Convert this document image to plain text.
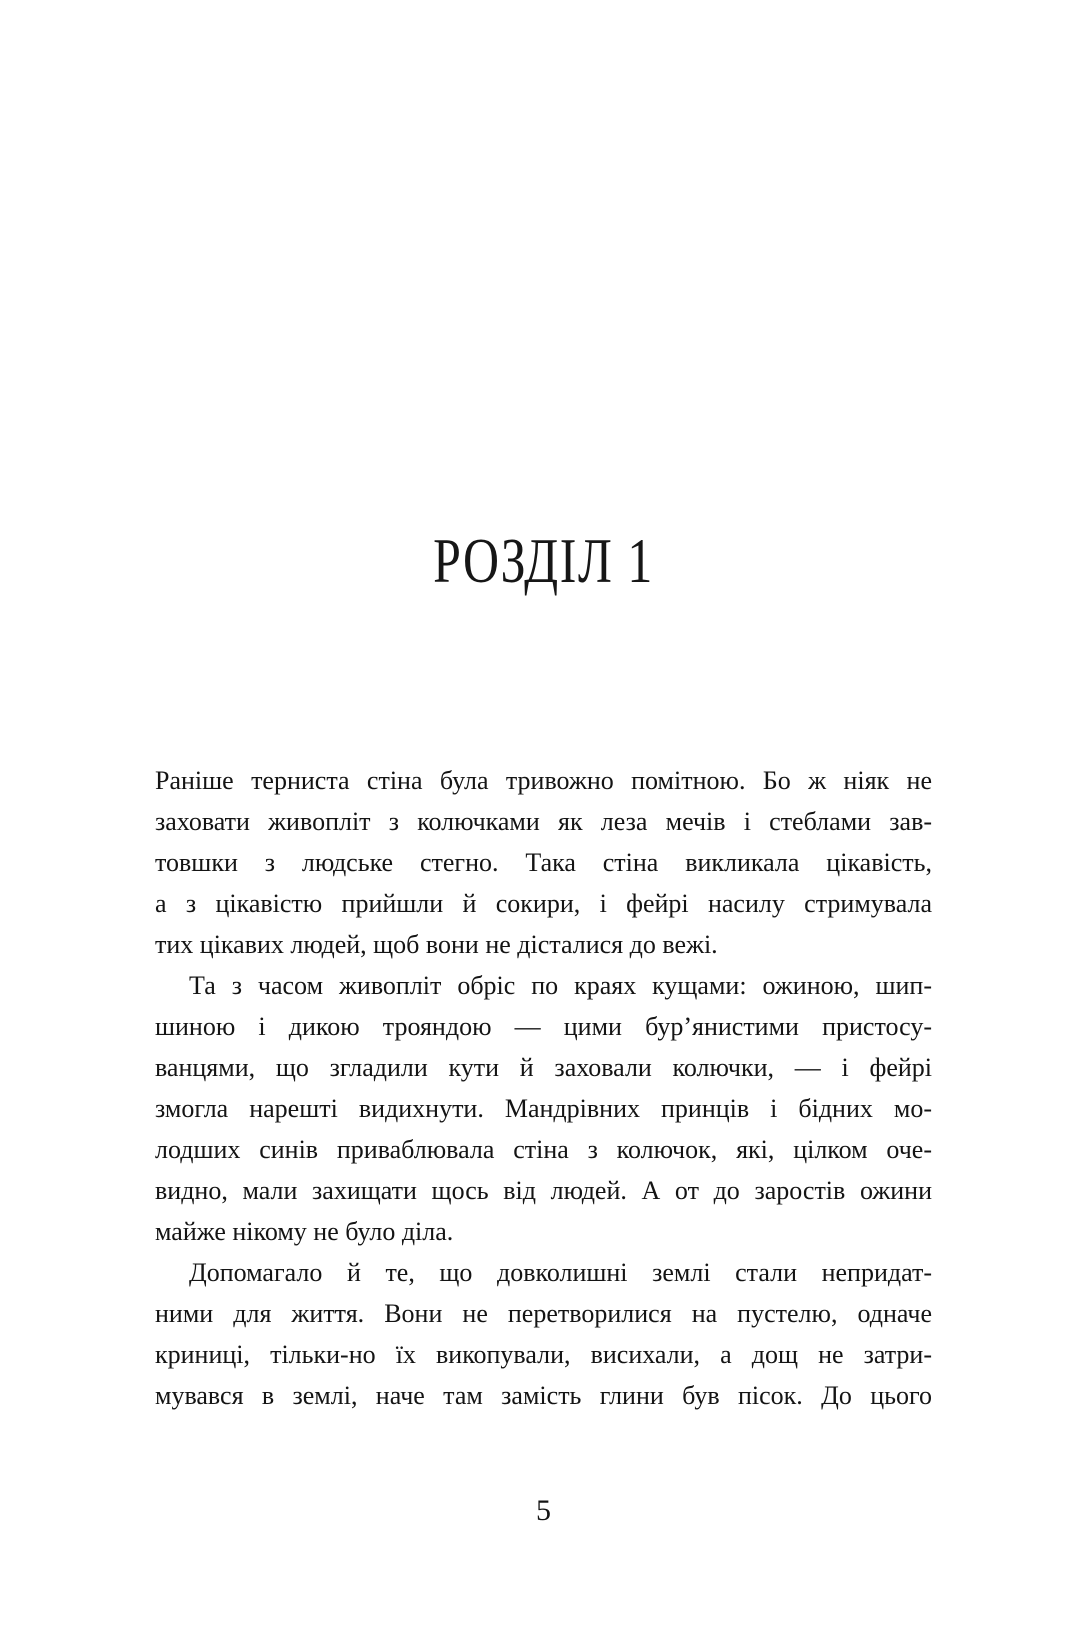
РОЗДІЛ 1
Раніше терниста стіна була тривожно помітною. Бо ж ніяк не
заховати живопліт з колючками як леза мечів і стеблами зав-
товшки з людське стегно. Така стіна викликала цікавість,
а з цікавістю прийшли й сокири, і фейрі насилу стримувала
тих цікавих людей, щоб вони не дісталися до вежі.
Та з часом живопліт обріс по краях кущами: ожиною, шип-
шиною і дикою трояндою — цими бур’янистими пристосу-
ванцями, що згладили кути й заховали колючки, — і фейрі
змогла нарешті видихнути. Мандрівних принців і бідних мо-
лодших синів приваблювала стіна з колючок, які, цілком оче-
видно, мали захищати щось від людей. А от до заростів ожини
майже нікому не було діла.
Допомагало й те, що довколишні землі стали непридат-
ними для життя. Вони не перетворилися на пустелю, одначе
криниці, тільки-но їх викопували, висихали, а дощ не затри-
мувався в землі, наче там замість глини був пісок. До цього
5
